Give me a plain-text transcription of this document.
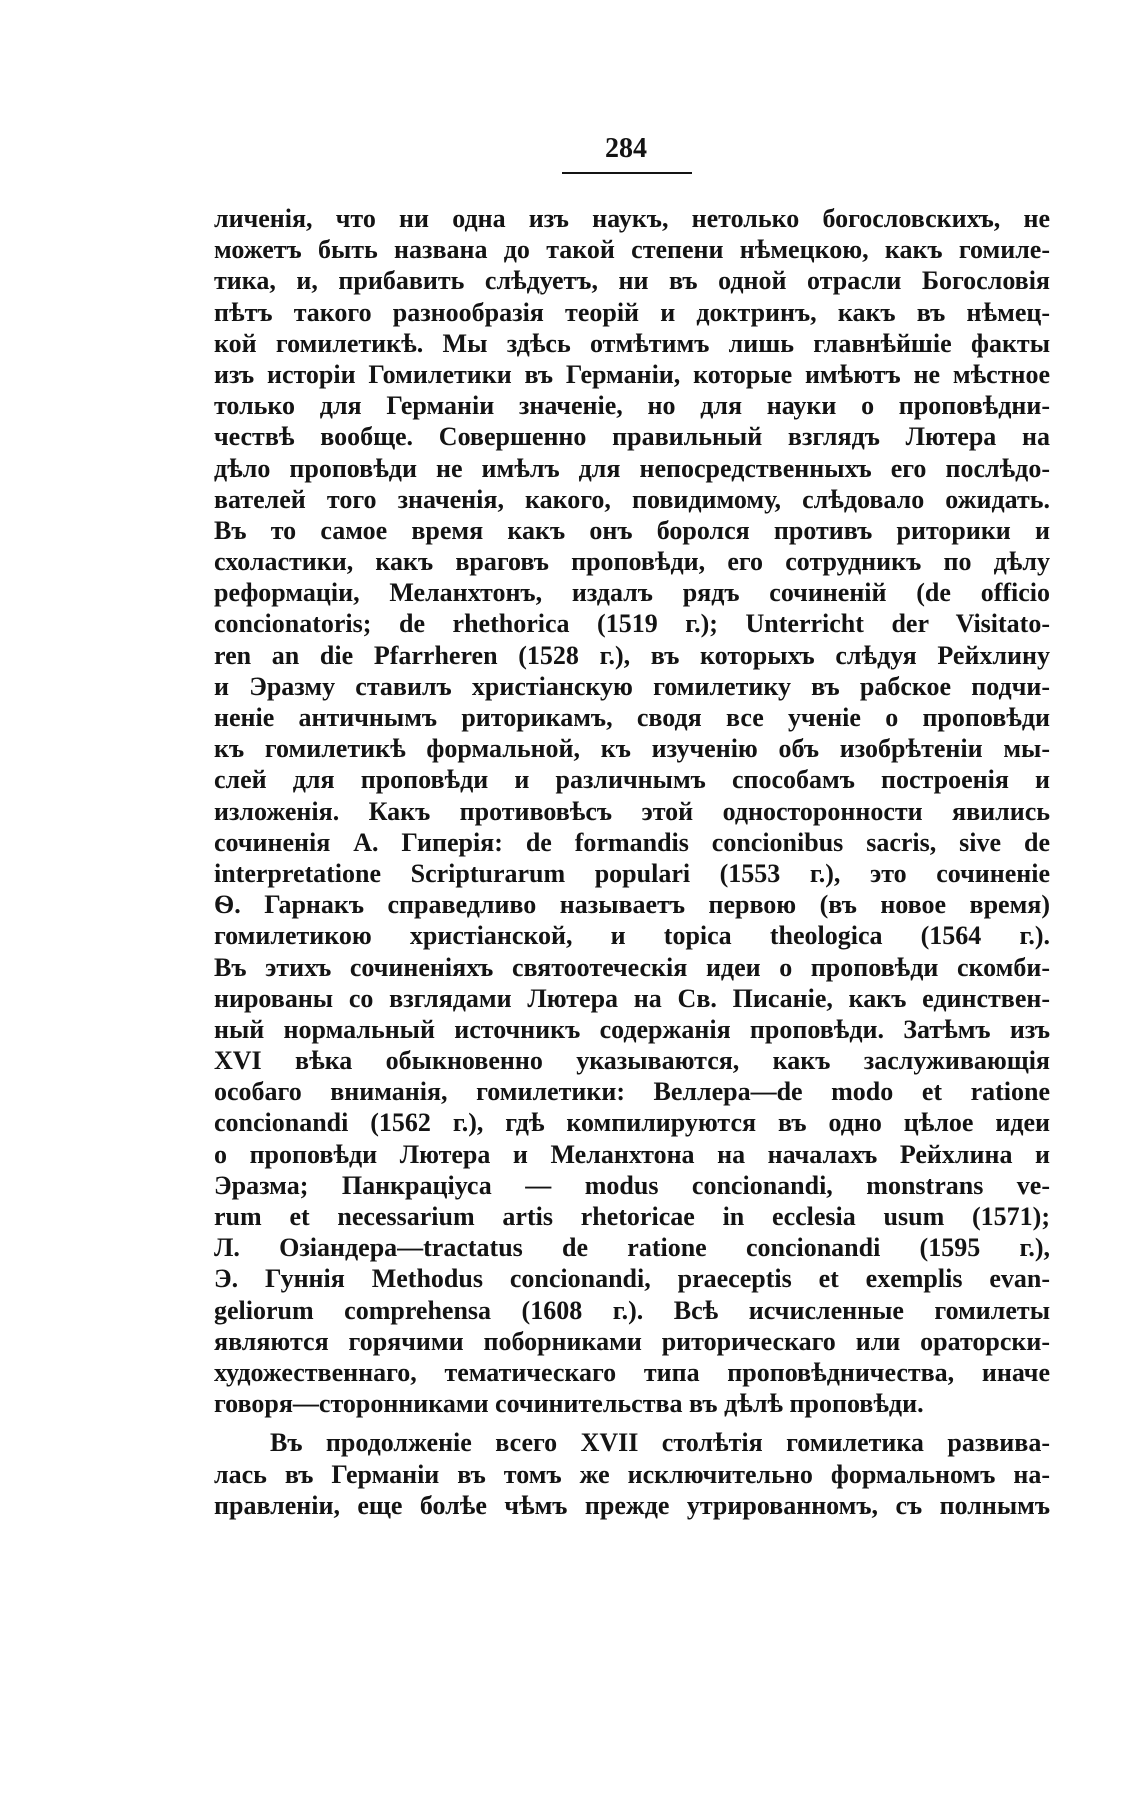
284
личенія, что ни одна изъ наукъ, нетолько богословскихъ, не
можетъ быть названа до такой степени нѣмецкою, какъ гомиле-
тика, и, прибавить слѣдуетъ, ни въ одной отрасли Богословія
пѣтъ такого разнообразія теорій и доктринъ, какъ въ нѣмец-
кой гомилетикѣ. Мы здѣсь отмѣтимъ лишь главнѣйшіе факты
изъ исторіи Гомилетики въ Германіи, которые имѣютъ не мѣстное
только для Германіи значеніе, но для науки о проповѣдни-
чествѣ вообще. Совершенно правильный взглядъ Лютера на
дѣло проповѣди не имѣлъ для непосредственныхъ его послѣдо-
вателей того значенія, какого, повидимому, слѣдовало ожидать.
Въ то самое время какъ онъ боролся противъ риторики и
схоластики, какъ враговъ проповѣди, его сотрудникъ по дѣлу
реформаціи, Меланхтонъ, издалъ рядъ сочиненій (de officio
concionatoris; de rhethorica (1519 г.); Unterricht der Visitato-
ren an die Pfarrheren (1528 г.), въ которыхъ слѣдуя Рейхлину
и Эразму ставилъ христіанскую гомилетику въ рабское подчи-
неніе античнымъ риторикамъ, сводя все ученіе о проповѣди
къ гомилетикѣ формальной, къ изученію объ изобрѣтеніи мы-
слей для проповѣди и различнымъ способамъ построенія и
изложенія. Какъ противовѣсъ этой односторонности явились
сочиненія А. Гиперія: de formandis concionibus sacris, sive de
interpretatione Scripturarum populari (1553 г.), это сочиненіе
Ѳ. Гарнакъ справедливо называетъ первою (въ новое время)
гомилетикою христіанской, и topica theologica (1564 г.).
Въ этихъ сочиненіяхъ святоотеческія идеи о проповѣди скомби-
нированы со взглядами Лютера на Св. Писаніе, какъ единствен-
ный нормальный источникъ содержанія проповѣди. Затѣмъ изъ
XVI вѣка обыкновенно указываются, какъ заслуживающія
особаго вниманія, гомилетики: Веллера—de modo et ratione
concionandi (1562 г.), гдѣ компилируются въ одно цѣлое идеи
о проповѣди Лютера и Меланхтона на началахъ Рейхлина и
Эразма; Панкраціуса — modus concionandi, monstrans ve-
rum et necessarium artis rhetoricae in ecclesia usum (1571);
Л. Озіандера—tractatus de ratione concionandi (1595 г.),
Э. Гуннія Methodus concionandi, praeceptis et exemplis evan-
geliorum comprehensa (1608 г.). Всѣ исчисленные гомилеты
являются горячими поборниками риторическаго или ораторски-
художественнаго, тематическаго типа проповѣдничества, иначе
говоря—сторонниками сочинительства въ дѣлѣ проповѣди.
Въ продолженіе всего XVII столѣтія гомилетика развива-
лась въ Германіи въ томъ же исключительно формальномъ на-
правленіи, еще болѣе чѣмъ прежде утрированномъ, съ полнымъ
